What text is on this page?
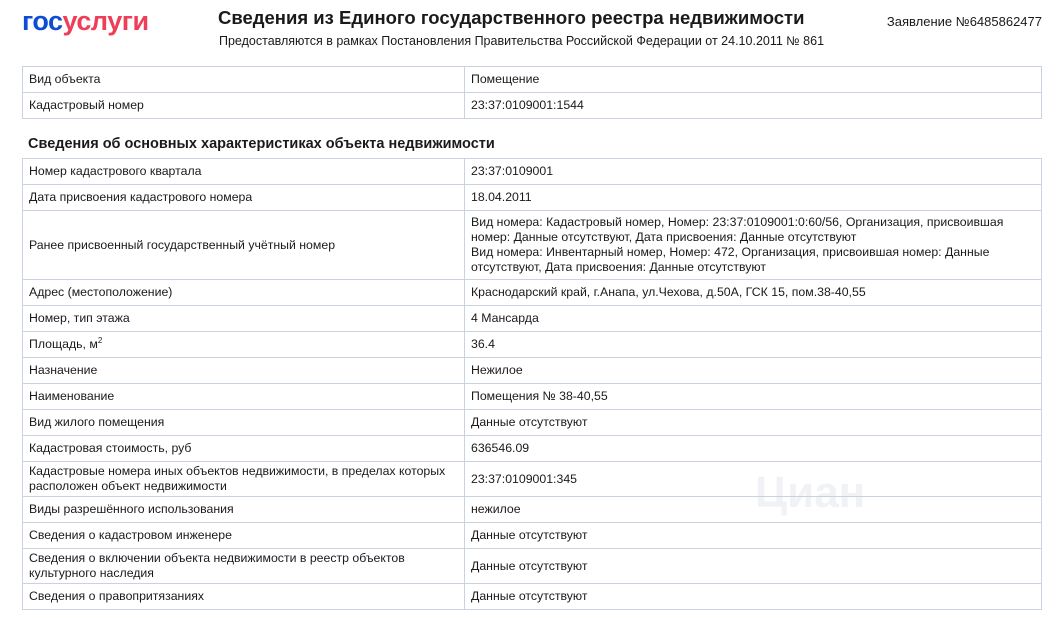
госуслуги	Сведения из Единого государственного реестра недвижимости
Предоставляются в рамках Постановления Правительства Российской Федерации от 24.10.2011 № 861
Заявление №6485862477
Вид объекта	Помещение
Кадастровый номер	23:37:0109001:1544
Сведения об основных характеристиках объекта недвижимости
Номер кадастрового квартала	23:37:0109001
Дата присвоения кадастрового номера	18.04.2011
Ранее присвоенный государственный учётный номер	Вид номера: Кадастровый номер, Номер: 23:37:0109001:0:60/56, Организация, присвоившая номер: Данные отсутствуют, Дата присвоения: Данные отсутствуют
Вид номера: Инвентарный номер, Номер: 472, Организация, присвоившая номер: Данные отсутствуют, Дата присвоения: Данные отсутствуют
Адрес (местоположение)	Краснодарский край, г.Анапа, ул.Чехова, д.50А, ГСК 15, пом.38-40,55
Номер, тип этажа	4 Мансарда
Площадь, $м^2$	36.4
Назначение	Нежилое
Наименование	Помещения № 38-40,55
Вид жилого помещения	Данные отсутствуют
Кадастровая стоимость, руб	636546.09
Кадастровые номера иных объектов недвижимости, в пределах которых расположен объект недвижимости	23:37:0109001:345
Виды разрешённого использования	нежилое
Сведения о кадастровом инженере	Данные отсутствуют
Сведения о включении объекта недвижимости в реестр объектов культурного наследия	Данные отсутствуют
Сведения о правопритязаниях	Данные отсутствуют
Циан
